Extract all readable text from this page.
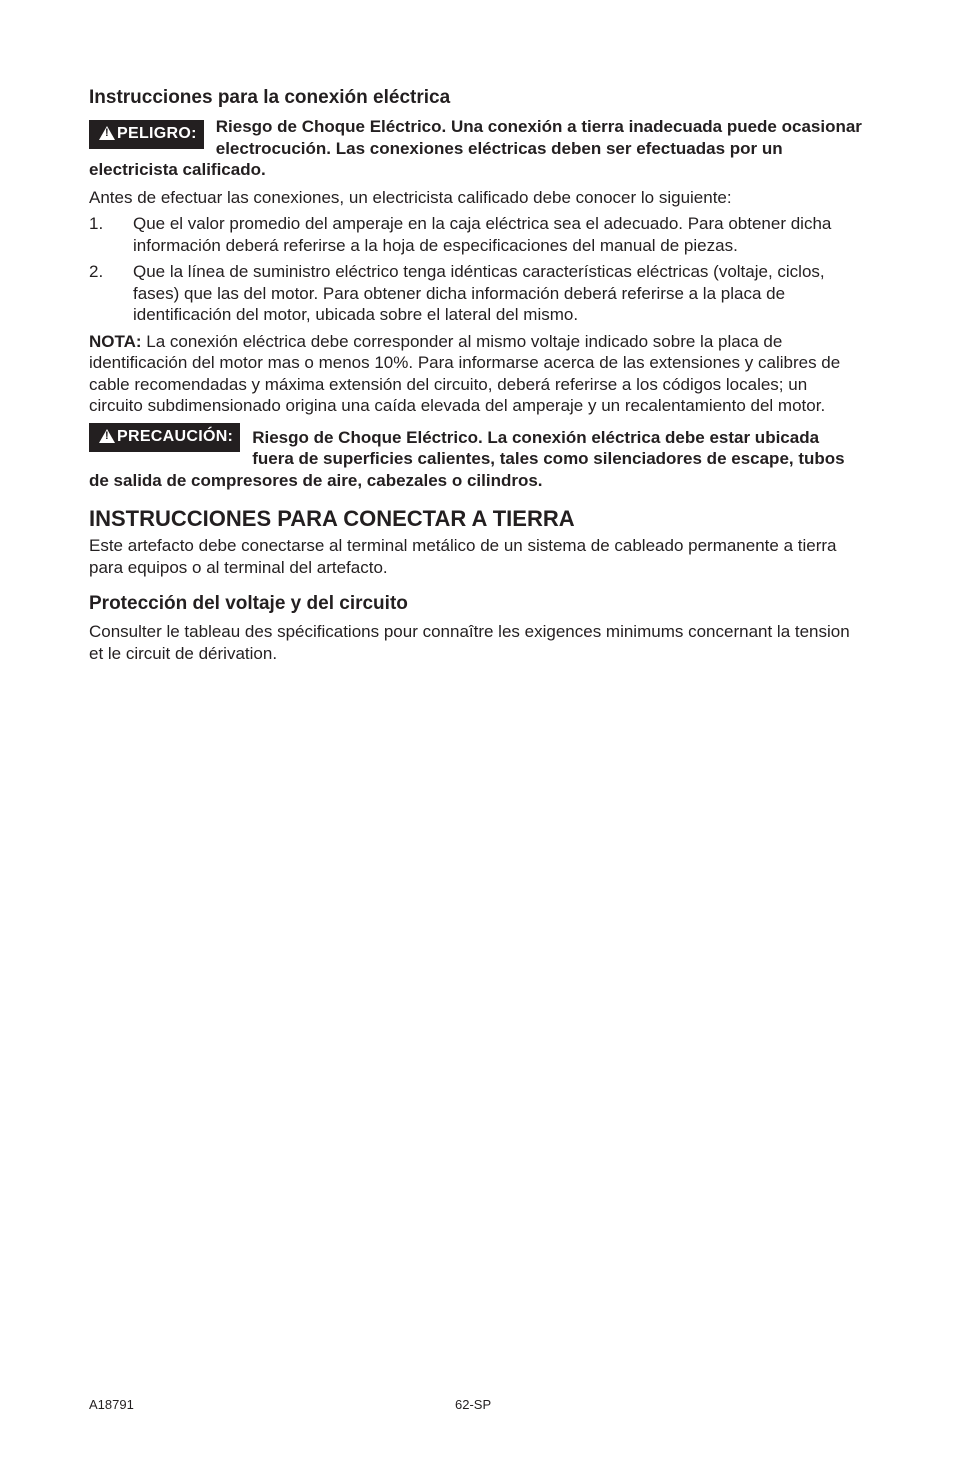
Instrucciones para la conexión eléctrica
!PELIGRO:	Riesgo de Choque Eléctrico. Una conexión a tierra inadecuada puede ocasionar electrocución. Las conexiones eléctricas deben ser efectuadas por un electricista calificado.

Antes de efectuar las conexiones, un electricista calificado debe conocer lo siguiente:

1. Que el valor promedio del amperaje en la caja eléctrica sea el adecuado. Para obtener dicha información deberá referirse a la hoja de especificaciones del manual de piezas.
2. Que la línea de suministro eléctrico tenga idénticas características eléctricas (voltaje, ciclos, fases) que las del motor. Para obtener dicha información deberá referirse a la placa de identificación del motor, ubicada sobre el lateral del mismo.

NOTA: La conexión eléctrica debe corresponder al mismo voltaje indicado sobre la placa de identificación del motor mas o menos 10%. Para informarse acerca de las extensiones y calibres de cable recomendadas y máxima extensión del circuito, deberá referirse a los códigos locales; un circuito subdimensionado origina una caída elevada del amperaje y un recalentamiento del motor.

!PRECAUCIÓN:	Riesgo de Choque Eléctrico. La conexión eléctrica debe estar ubicada fuera de superficies calientes, tales como silenciadores de escape, tubos de salida de compresores de aire, cabezales o cilindros.
INSTRUCCIONES PARA CONECTAR A TIERRA

Este artefacto debe conectarse al terminal metálico de un sistema de cableado permanente a tierra para equipos o al terminal del artefacto.

Protección del voltaje y del circuito

Consulter le tableau des spécifications pour connaître les exigences minimums concernant la tension et le circuit de dérivation.

A18791	62-SP
